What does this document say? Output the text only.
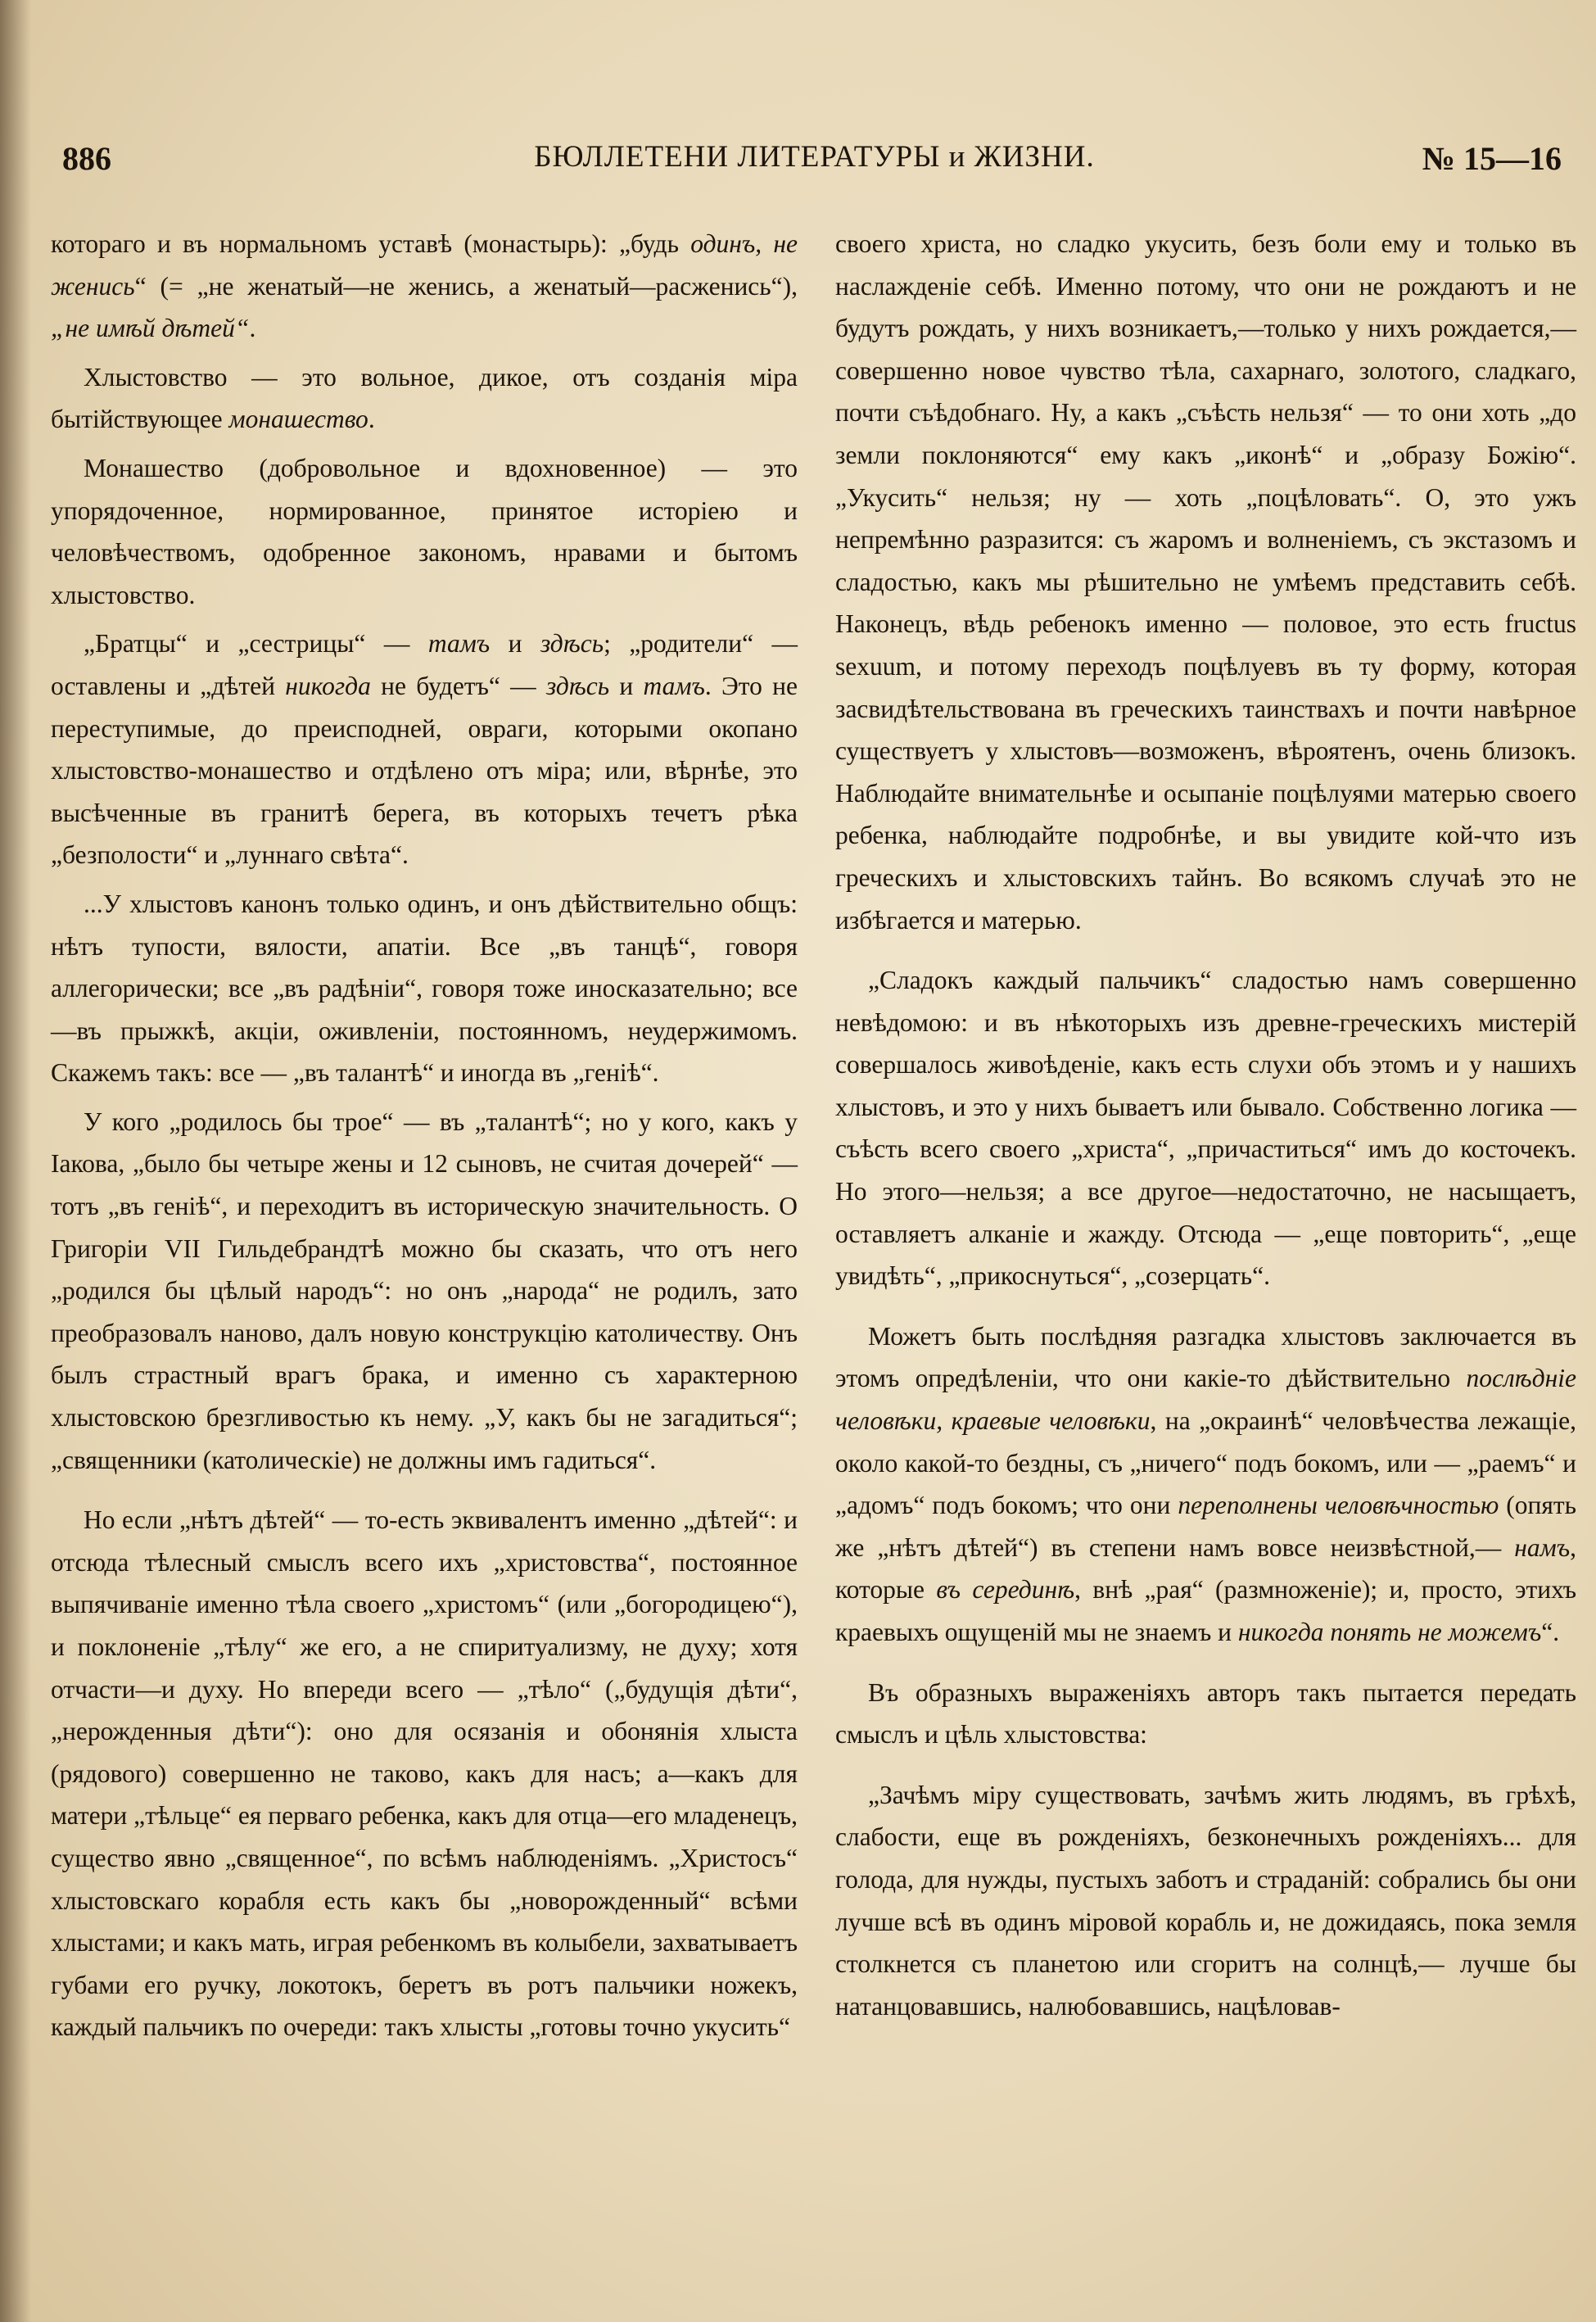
886	БЮЛЛЕТЕНИ ЛИТЕРАТУРЫ и ЖИЗНИ.	№ 15—16

котораго и въ нормальномъ уставѣ (монастырь): „будь одинъ, не женись“ (= „не женатый—не женись, а женатый—расженись“), „не имѣй дѣтей“.

Хлыстовство — это вольное, дикое, отъ созданія міра бытійствующее монашество.

Монашество (добровольное и вдохновенное) — это упорядоченное, нормированное, принятое исторіею и человѣчествомъ, одобренное закономъ, нравами и бытомъ хлыстовство.

„Братцы“ и „сестрицы“ — тамъ и здѣсь; „родители“ — оставлены и „дѣтей никогда не будетъ“ — здѣсь и тамъ. Это не переступимые, до преисподней, овраги, которыми окопано хлыстовство-монашество и отдѣлено отъ міра; или, вѣрнѣе, это высѣченные въ гранитѣ берега, въ которыхъ течетъ рѣка „безполости“ и „луннаго свѣта“.

...У хлыстовъ канонъ только одинъ, и онъ дѣйствительно общъ: нѣтъ тупости, вялости, апатіи. Все „въ танцѣ“, говоря аллегорически; все „въ радѣніи“, говоря тоже иносказательно; все—въ прыжкѣ, акціи, оживленіи, постоянномъ, неудержимомъ. Скажемъ такъ: все — „въ талантѣ“ и иногда въ „геніѣ“.

У кого „родилось бы трое“ — въ „талантѣ“; но у кого, какъ у Іакова, „было бы четыре жены и 12 сыновъ, не считая дочерей“ — тотъ „въ геніѣ“, и переходитъ въ историческую значительность. О Григоріи VII Гильдебрандтѣ можно бы сказать, что отъ него „родился бы цѣлый народъ“: но онъ „народа“ не родилъ, зато преобразовалъ наново, далъ новую конструкцію католичеству. Онъ былъ страстный врагъ брака, и именно съ характерною хлыстовскою брезгливостью къ нему. „У, какъ бы не загадиться“; „священники (католическіе) не должны имъ гадиться“.

Но если „нѣтъ дѣтей“ — то-есть эквивалентъ именно „дѣтей“: и отсюда тѣлесный смыслъ всего ихъ „христовства“, постоянное выпячиваніе именно тѣла своего „христомъ“ (или „богородицею“), и поклоненіе „тѣлу“ же его, а не спиритуализму, не духу; хотя отчасти—и духу. Но впереди всего — „тѣло“ („будущія дѣти“, „нерожденныя дѣти“): оно для осязанія и обонянія хлыста (рядового) совершенно не таково, какъ для насъ; а—какъ для матери „тѣльце“ ея перваго ребенка, какъ для отца—его младенецъ, существо явно „священное“, по всѣмъ наблюденіямъ. „Христосъ“ хлыстовскаго корабля есть какъ бы „новорожденный“ всѣми хлыстами; и какъ мать, играя ребенкомъ въ колыбели, захватываетъ губами его ручку, локотокъ, беретъ въ ротъ пальчики ножекъ, каждый пальчикъ по очереди: такъ хлысты „готовы точно укусить“

своего христа, но сладко укусить, безъ боли ему и только въ наслажденіе себѣ. Именно потому, что они не рождаютъ и не будутъ рождать, у нихъ возникаетъ,—только у нихъ рождается,— совершенно новое чувство тѣла, сахарнаго, золотого, сладкаго, почти съѣдобнаго. Ну, а какъ „съѣсть нельзя“ — то они хоть „до земли поклоняются“ ему какъ „иконѣ“ и „образу Божію“. „Укусить“ нельзя; ну — хоть „поцѣловать“. О, это ужъ непремѣнно разразится: съ жаромъ и волненіемъ, съ экстазомъ и сладостью, какъ мы рѣшительно не умѣемъ представить себѣ. Наконецъ, вѣдь ребенокъ именно — половое, это есть fructus sexuum, и потому переходъ поцѣлуевъ въ ту форму, которая засвидѣтельствована въ греческихъ таинствахъ и почти навѣрное существуетъ у хлыстовъ—возможенъ, вѣроятенъ, очень близокъ. Наблюдайте внимательнѣе и осыпаніе поцѣлуями матерью своего ребенка, наблюдайте подробнѣе, и вы увидите кой-что изъ греческихъ и хлыстовскихъ тайнъ. Во всякомъ случаѣ это не избѣгается и матерью.

„Сладокъ каждый пальчикъ“ сладостью намъ совершенно невѣдомою: и въ нѣкоторыхъ изъ древне-греческихъ мистерій совершалось живоѣденіе, какъ есть слухи объ этомъ и у нашихъ хлыстовъ, и это у нихъ бываетъ или бывало. Собственно логика — съѣсть всего своего „христа“, „причаститься“ имъ до косточекъ. Но этого—нельзя; а все другое—недостаточно, не насыщаетъ, оставляетъ алканіе и жажду. Отсюда — „еще повторить“, „еще увидѣть“, „прикоснуться“, „созерцать“.

Можетъ быть послѣдняя разгадка хлыстовъ заключается въ этомъ опредѣленіи, что они какіе-то дѣйствительно послѣдніе человѣки, краевые человѣки, на „окраинѣ“ человѣчества лежащіе, около какой-то бездны, съ „ничего“ подъ бокомъ, или — „раемъ“ и „адомъ“ подъ бокомъ; что они переполнены человѣчностью (опять же „нѣтъ дѣтей“) въ степени намъ вовсе неизвѣстной,— намъ, которые въ серединѣ, внѣ „рая“ (размноженіе); и, просто, этихъ краевыхъ ощущеній мы не знаемъ и никогда понять не можемъ“.

Въ образныхъ выраженіяхъ авторъ такъ пытается передать смыслъ и цѣль хлыстовства:

„Зачѣмъ міру существовать, зачѣмъ жить людямъ, въ грѣхѣ, слабости, еще въ рожденіяхъ, безконечныхъ рожденіяхъ... для голода, для нужды, пустыхъ заботъ и страданій: собрались бы они лучше всѣ въ одинъ міровой корабль и, не дожидаясь, пока земля столкнется съ планетою или сгоритъ на солнцѣ,— лучше бы натанцовавшись, налюбовавшись, нацѣловав-
